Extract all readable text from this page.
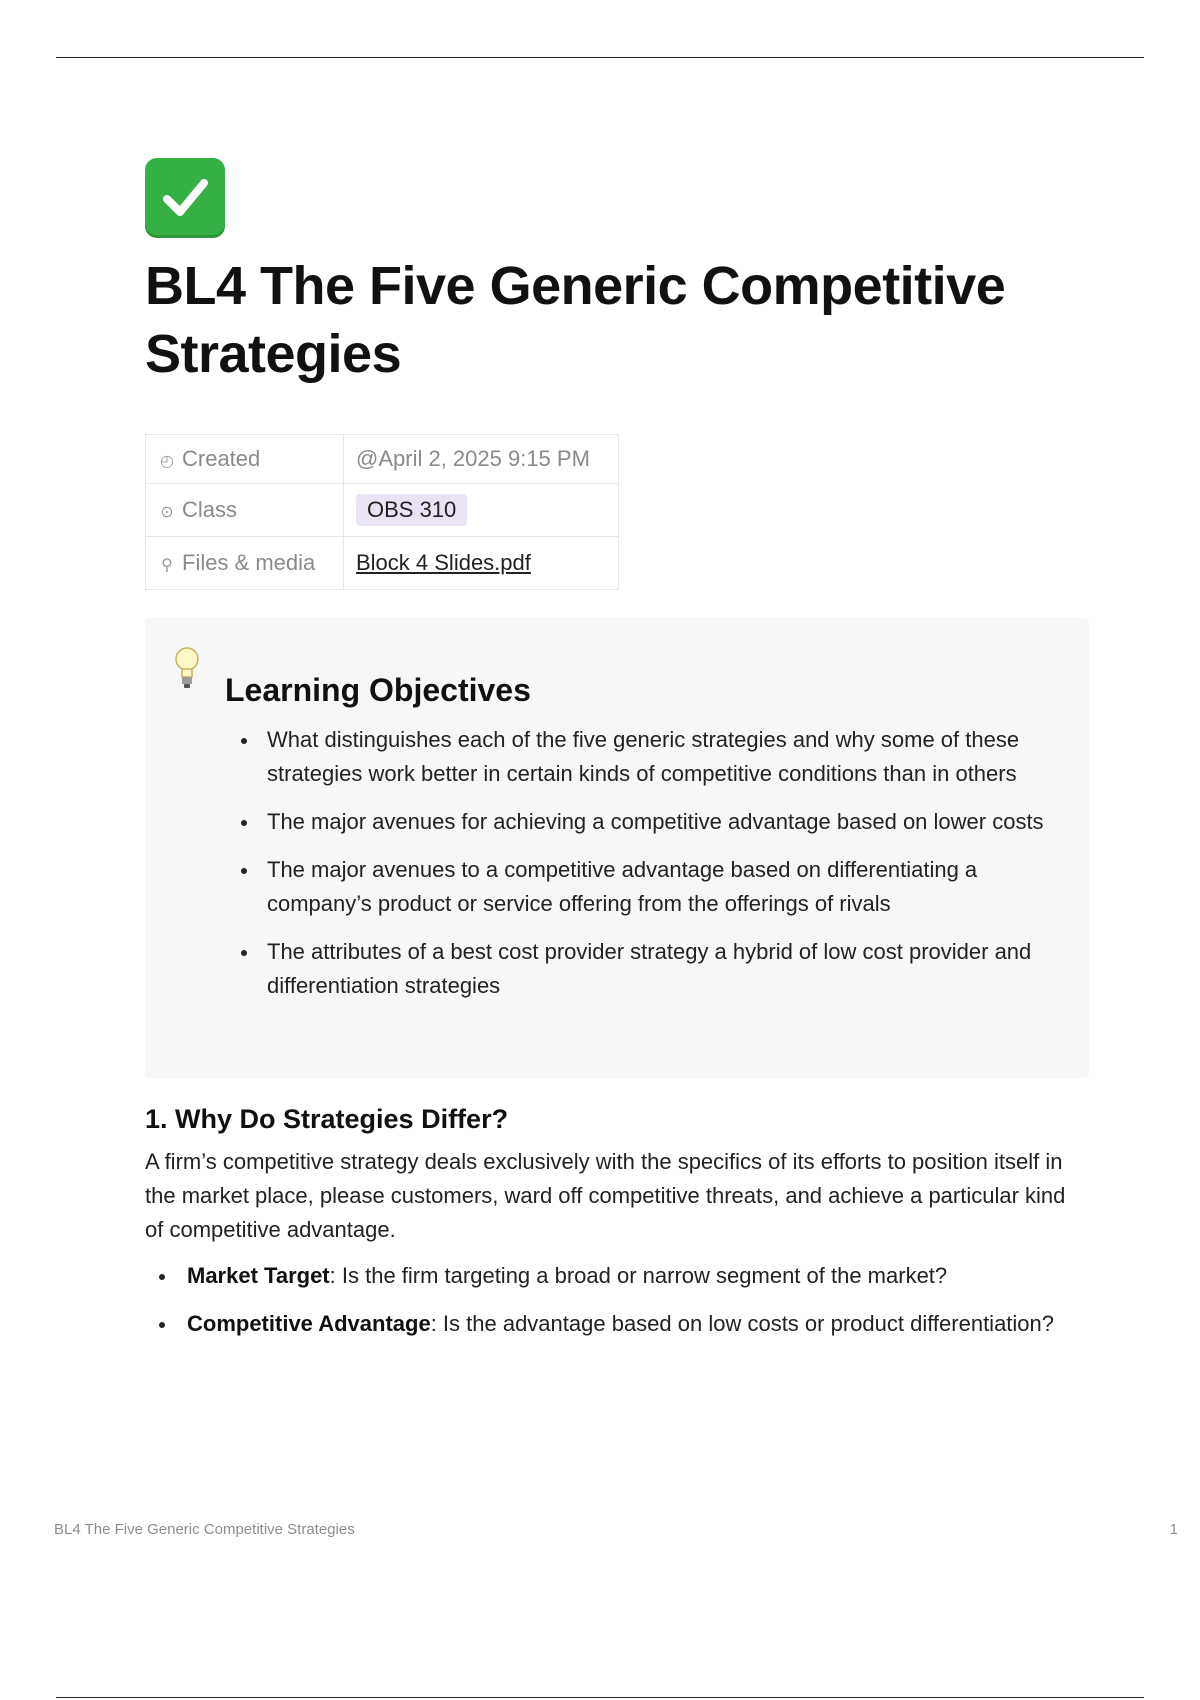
BL4 The Five Generic Competitive Strategies
◴ Created	@April 2, 2025 9:15 PM
⊙ Class	OBS 310
⚲ Files & media	Block 4 Slides.pdf
Learning Objectives
What distinguishes each of the five generic strategies and why some of these strategies work better in certain kinds of competitive conditions than in others
The major avenues for achieving a competitive advantage based on lower costs
The major avenues to a competitive advantage based on differentiating a company’s product or service offering from the offerings of rivals
The attributes of a best cost provider strategy a hybrid of low cost provider and differentiation strategies
1. Why Do Strategies Differ?

A firm’s competitive strategy deals exclusively with the specifics of its efforts to position itself in the market place, please customers, ward off competitive threats, and achieve a particular kind of competitive advantage.

Market Target: Is the firm targeting a broad or narrow segment of the market?
Competitive Advantage: Is the advantage based on low costs or product differentiation?
BL4 The Five Generic Competitive Strategies	1
